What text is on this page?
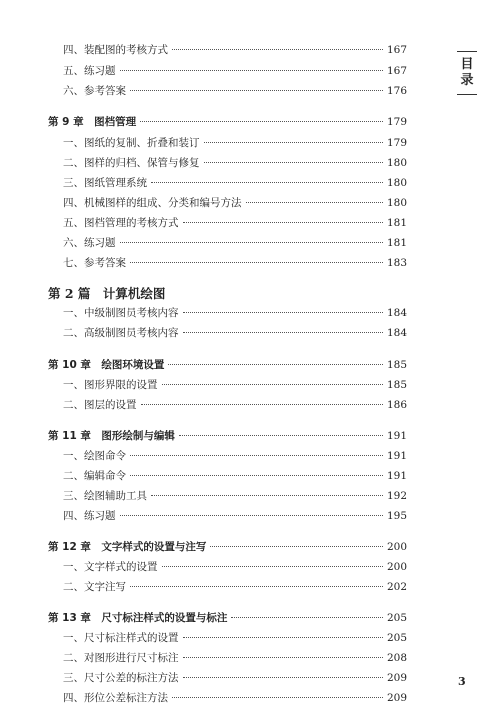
四、装配图的考核方式	167
五、练习题	167
六、参考答案	176
第 9 章　图档管理	179
一、图纸的复制、折叠和装订	179
二、图样的归档、保管与修复	180
三、图纸管理系统	180
四、机械图样的组成、分类和编号方法	180
五、图档管理的考核方式	181
六、练习题	181
七、参考答案	183
第 2 篇　计算机绘图
一、中级制图员考核内容	184
二、高级制图员考核内容	184
第 10 章　绘图环境设置	185
一、图形界限的设置	185
二、图层的设置	186
第 11 章　图形绘制与编辑	191
一、绘图命令	191
二、编辑命令	191
三、绘图辅助工具	192
四、练习题	195
第 12 章　文字样式的设置与注写	200
一、文字样式的设置	200
二、文字注写	202
第 13 章　尺寸标注样式的设置与标注	205
一、尺寸标注样式的设置	205
二、对图形进行尺寸标注	208
三、尺寸公差的标注方法	209
四、形位公差标注方法	209
目
录
3
